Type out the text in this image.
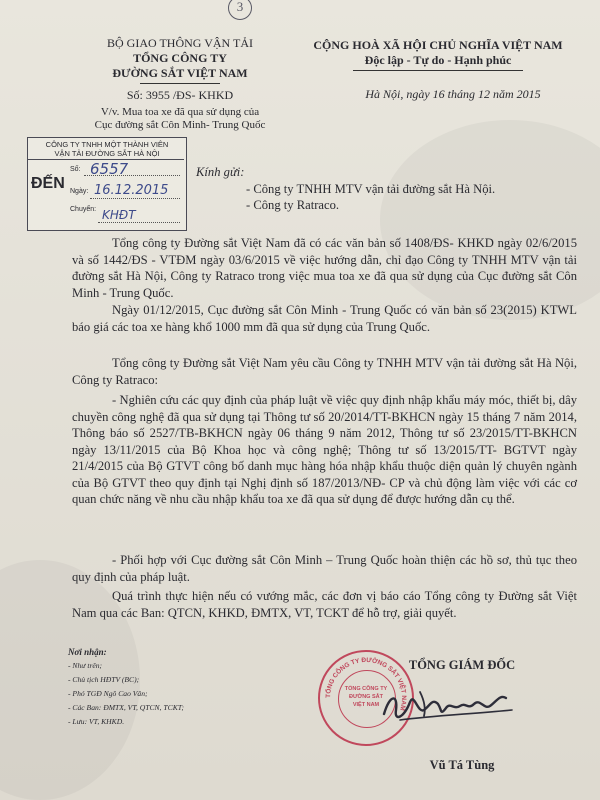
3
BỘ GIAO THÔNG VẬN TẢI
TỔNG CÔNG TY
ĐƯỜNG SẮT VIỆT NAM
Số: 3955 /ĐS- KHKD
V/v. Mua toa xe đã qua sử dụng của
Cục đường sắt Côn Minh- Trung Quốc
CỘNG HOÀ XÃ HỘI CHỦ NGHĨA VIỆT NAM
Độc lập - Tự do - Hạnh phúc
Hà Nội, ngày 16 tháng 12 năm 2015
CÔNG TY TNHH MỘT THÀNH VIÊN
VẬN TẢI ĐƯỜNG SẮT HÀ NỘI
Số: 6557
ĐẾN Ngày: 16.12.2015
Chuyển: KHĐT
Kính gửi:
- Công ty TNHH MTV vận tải đường sắt Hà Nội.
- Công ty Ratraco.
Tổng công ty Đường sắt Việt Nam đã có các văn bản số 1408/ĐS- KHKD ngày 02/6/2015 và số 1442/ĐS - VTĐM ngày 03/6/2015 về việc hướng dẫn, chỉ đạo Công ty TNHH MTV vận tải đường sắt Hà Nội, Công ty Ratraco trong việc mua toa xe đã qua sử dụng của Cục đường sắt Côn Minh - Trung Quốc.
Ngày 01/12/2015, Cục đường sắt Côn Minh - Trung Quốc có văn bản số 23(2015) KTWL báo giá các toa xe hàng khổ 1000 mm đã qua sử dụng của Trung Quốc.
Tổng công ty Đường sắt Việt Nam yêu cầu Công ty TNHH MTV vận tải đường sắt Hà Nội, Công ty Ratraco:
- Nghiên cứu các quy định của pháp luật về việc quy định nhập khẩu máy móc, thiết bị, dây chuyền công nghệ đã qua sử dụng tại Thông tư số 20/2014/TT-BKHCN ngày 15 tháng 7 năm 2014, Thông báo số 2527/TB-BKHCN ngày 06 tháng 9 năm 2012, Thông tư số 23/2015/TT-BKHCN ngày 13/11/2015 của Bộ Khoa học và công nghệ; Thông tư số 13/2015/TT- BGTVT ngày 21/4/2015 của Bộ GTVT công bố danh mục hàng hóa nhập khẩu thuộc diện quản lý chuyên ngành của Bộ GTVT theo quy định tại Nghị định số 187/2013/NĐ- CP và chủ động làm việc với các cơ quan chức năng về nhu cầu nhập khẩu toa xe đã qua sử dụng để được hướng dẫn cụ thể.
- Phối hợp với Cục đường sắt Côn Minh – Trung Quốc hoàn thiện các hồ sơ, thủ tục theo quy định của pháp luật.
Quá trình thực hiện nếu có vướng mắc, các đơn vị báo cáo Tổng công ty Đường sắt Việt Nam qua các Ban: QTCN, KHKD, ĐMTX, VT, TCKT để hỗ trợ, giải quyết.
Nơi nhận:
- Như trên;
- Chủ tịch HĐTV (BC);
- Phó TGĐ Ngô Cao Vân;
- Các Ban: ĐMTX, VT, QTCN, TCKT;
- Lưu: VT, KHKD.
TỔNG GIÁM ĐỐC
TỔNG CÔNG TY ĐƯỜNG SẮT VIỆT NAM
TỔNG CÔNG TY
ĐƯỜNG SẮT
VIỆT NAM
Vũ Tá Tùng
